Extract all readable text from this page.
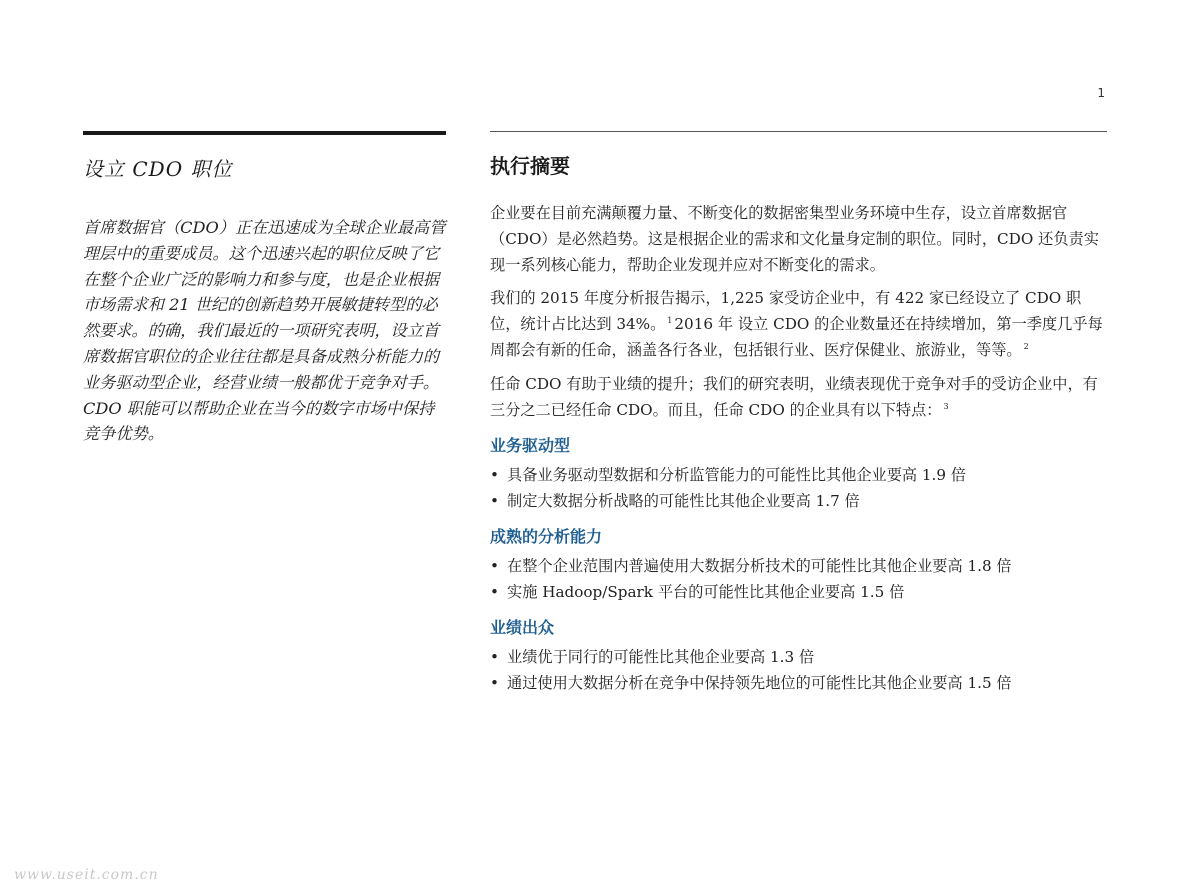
1
设立 CDO 职位
首席数据官（CDO）正在迅速成为全球企业最高管理层中的重要成员。这个迅速兴起的职位反映了它在整个企业广泛的影响力和参与度，也是企业根据市场需求和 21 世纪的创新趋势开展敏捷转型的必然要求。的确，我们最近的一项研究表明，设立首席数据官职位的企业往往都是具备成熟分析能力的业务驱动型企业，经营业绩一般都优于竞争对手。CDO 职能可以帮助企业在当今的数字市场中保持竞争优势。
执行摘要
企业要在目前充满颠覆力量、不断变化的数据密集型业务环境中生存，设立首席数据官（CDO）是必然趋势。这是根据企业的需求和文化量身定制的职位。同时，CDO 还负责实现一系列核心能力，帮助企业发现并应对不断变化的需求。
我们的 2015 年度分析报告揭示，1,225 家受访企业中，有 422 家已经设立了 CDO 职位，统计占比达到 34%。 $^1$ 2016 年 设立 CDO 的企业数量还在持续增加，第一季度几乎每周都会有新的任命，涵盖各行各业，包括银行业、医疗保健业、旅游业，等等。 $^2$
任命 CDO 有助于业绩的提升；我们的研究表明，业绩表现优于竞争对手的受访企业中，有三分之二已经任命 CDO。而且，任命 CDO 的企业具有以下特点： $^3$
业务驱动型
• 具备业务驱动型数据和分析监管能力的可能性比其他企业要高 1.9 倍
• 制定大数据分析战略的可能性比其他企业要高 1.7 倍
成熟的分析能力
• 在整个企业范围内普遍使用大数据分析技术的可能性比其他企业要高 1.8 倍
• 实施 Hadoop/Spark 平台的可能性比其他企业要高 1.5 倍
业绩出众
• 业绩优于同行的可能性比其他企业要高 1.3 倍
• 通过使用大数据分析在竞争中保持领先地位的可能性比其他企业要高 1.5 倍
www.useit.com.cn
